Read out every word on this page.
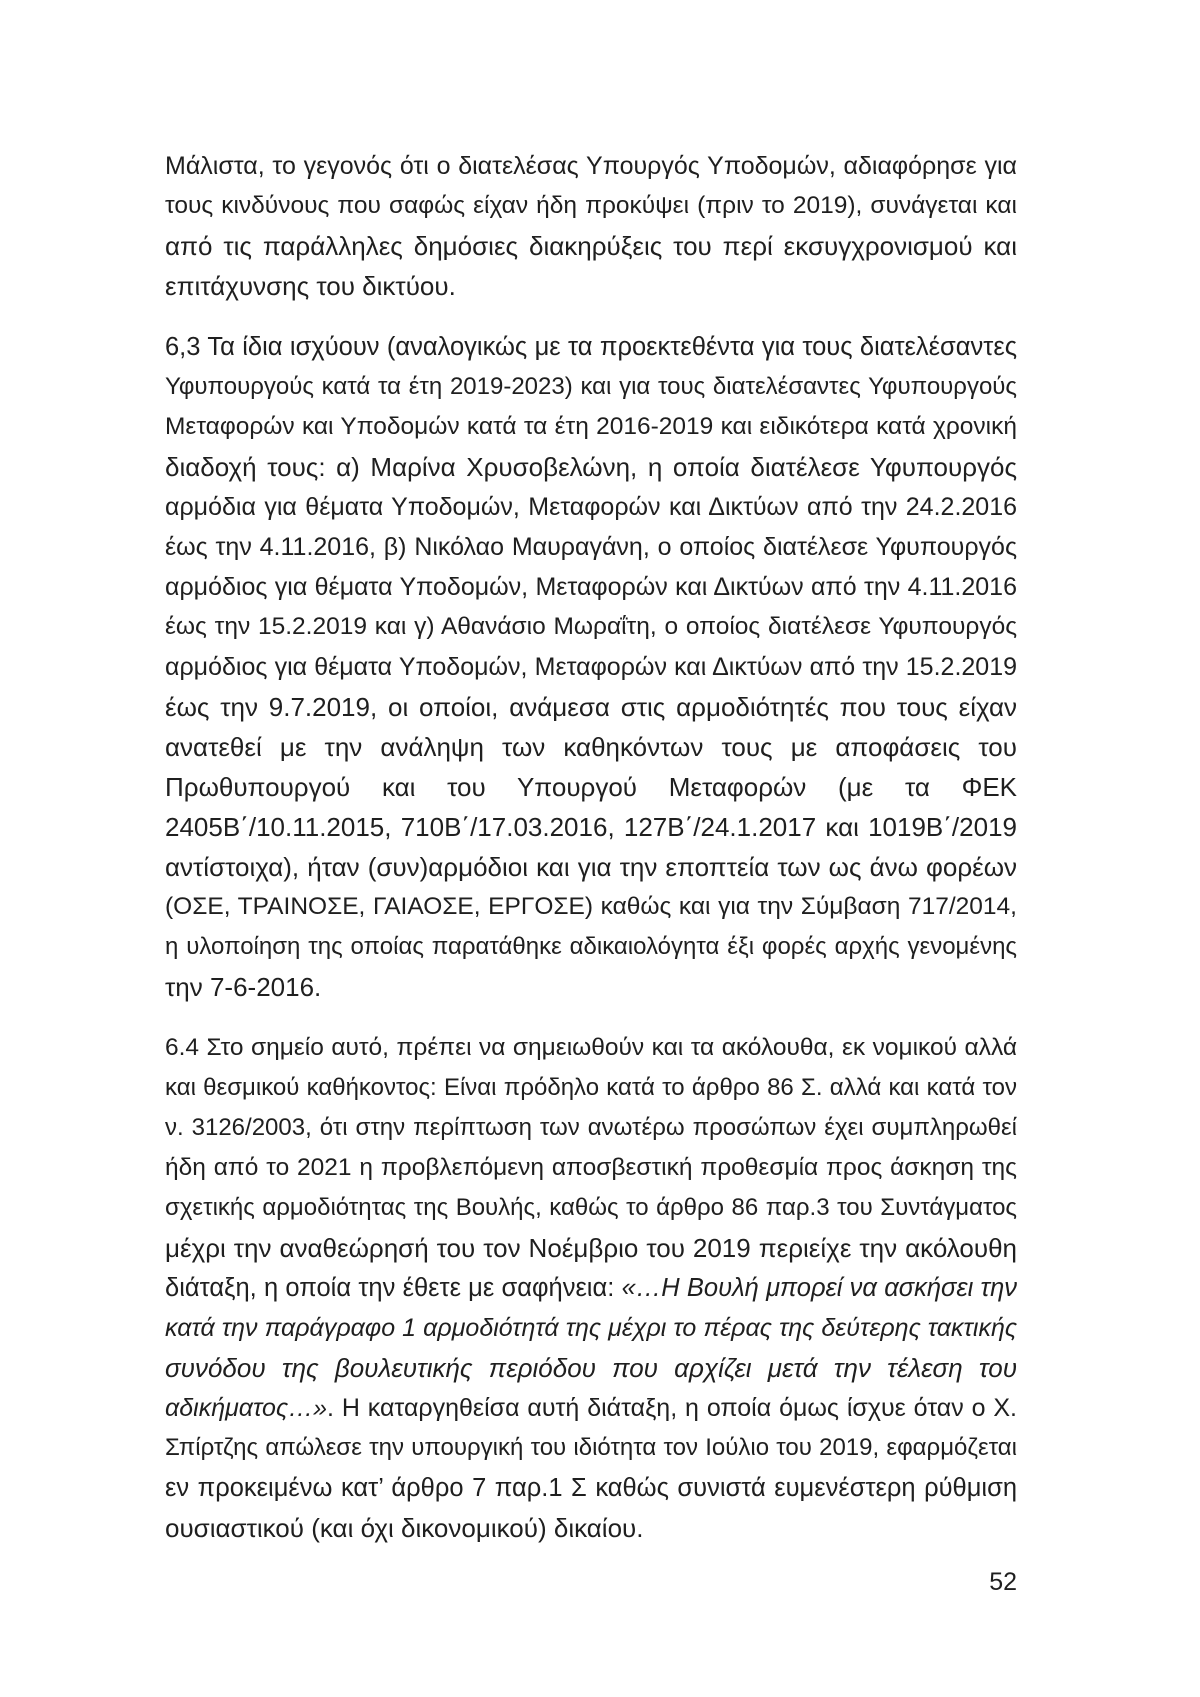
Μάλιστα, το γεγονός ότι ο διατελέσας Υπουργός Υποδομών, αδιαφόρησε για
τους κινδύνους που σαφώς είχαν ήδη προκύψει (πριν το 2019), συνάγεται και
από τις παράλληλες δημόσιες διακηρύξεις του περί εκσυγχρονισμού και
επιτάχυνσης του δικτύου.
6,3 Τα ίδια ισχύουν (αναλογικώς με τα προεκτεθέντα για τους διατελέσαντες
Υφυπουργούς κατά τα έτη 2019-2023) και για τους διατελέσαντες Υφυπουργούς
Μεταφορών και Υποδομών κατά τα έτη 2016-2019 και ειδικότερα κατά χρονική
διαδοχή τους: α) Μαρίνα Χρυσοβελώνη, η οποία διατέλεσε Υφυπουργός
αρμόδια για θέματα Υποδομών, Μεταφορών και Δικτύων από την 24.2.2016
έως την 4.11.2016, β) Νικόλαο Μαυραγάνη, ο οποίος διατέλεσε Υφυπουργός
αρμόδιος για θέματα Υποδομών, Μεταφορών και Δικτύων από την 4.11.2016
έως την 15.2.2019 και γ) Αθανάσιο Μωραΐτη, ο οποίος διατέλεσε Υφυπουργός
αρμόδιος για θέματα Υποδομών, Μεταφορών και Δικτύων από την 15.2.2019
έως την 9.7.2019, οι οποίοι, ανάμεσα στις αρμοδιότητές που τους είχαν
ανατεθεί με την ανάληψη των καθηκόντων τους με αποφάσεις του
Πρωθυπουργού και του Υπουργού Μεταφορών (με τα ΦΕΚ
2405Β΄/10.11.2015, 710Β΄/17.03.2016, 127Β΄/24.1.2017 και 1019Β΄/2019
αντίστοιχα), ήταν (συν)αρμόδιοι και για την εποπτεία των ως άνω φορέων
(ΟΣΕ, ΤΡΑΙΝΟΣΕ, ΓΑΙΑΟΣΕ, ΕΡΓΟΣΕ) καθώς και για την Σύμβαση 717/2014,
η υλοποίηση της οποίας παρατάθηκε αδικαιολόγητα έξι φορές αρχής γενομένης
την 7-6-2016.
6.4 Στο σημείο αυτό, πρέπει να σημειωθούν και τα ακόλουθα, εκ νομικού αλλά
και θεσμικού καθήκοντος: Είναι πρόδηλο κατά το άρθρο 86 Σ. αλλά και κατά τον
ν. 3126/2003, ότι στην περίπτωση των ανωτέρω προσώπων έχει συμπληρωθεί
ήδη από το 2021 η προβλεπόμενη αποσβεστική προθεσμία προς άσκηση της
σχετικής αρμοδιότητας της Βουλής, καθώς το άρθρο 86 παρ.3 του Συντάγματος
μέχρι την αναθεώρησή του τον Νοέμβριο του 2019 περιείχε την ακόλουθη
διάταξη, η οποία την έθετε με σαφήνεια: «…Η Βουλή μπορεί να ασκήσει την
κατά την παράγραφο 1 αρμοδιότητά της μέχρι το πέρας της δεύτερης τακτικής
συνόδου της βουλευτικής περιόδου που αρχίζει μετά την τέλεση του
αδικήματος…». Η καταργηθείσα αυτή διάταξη, η οποία όμως ίσχυε όταν ο Χ.
Σπίρτζης απώλεσε την υπουργική του ιδιότητα τον Ιούλιο του 2019, εφαρμόζεται
εν προκειμένω κατ’ άρθρο 7 παρ.1 Σ καθώς συνιστά ευμενέστερη ρύθμιση
ουσιαστικού (και όχι δικονομικού) δικαίου.
52
